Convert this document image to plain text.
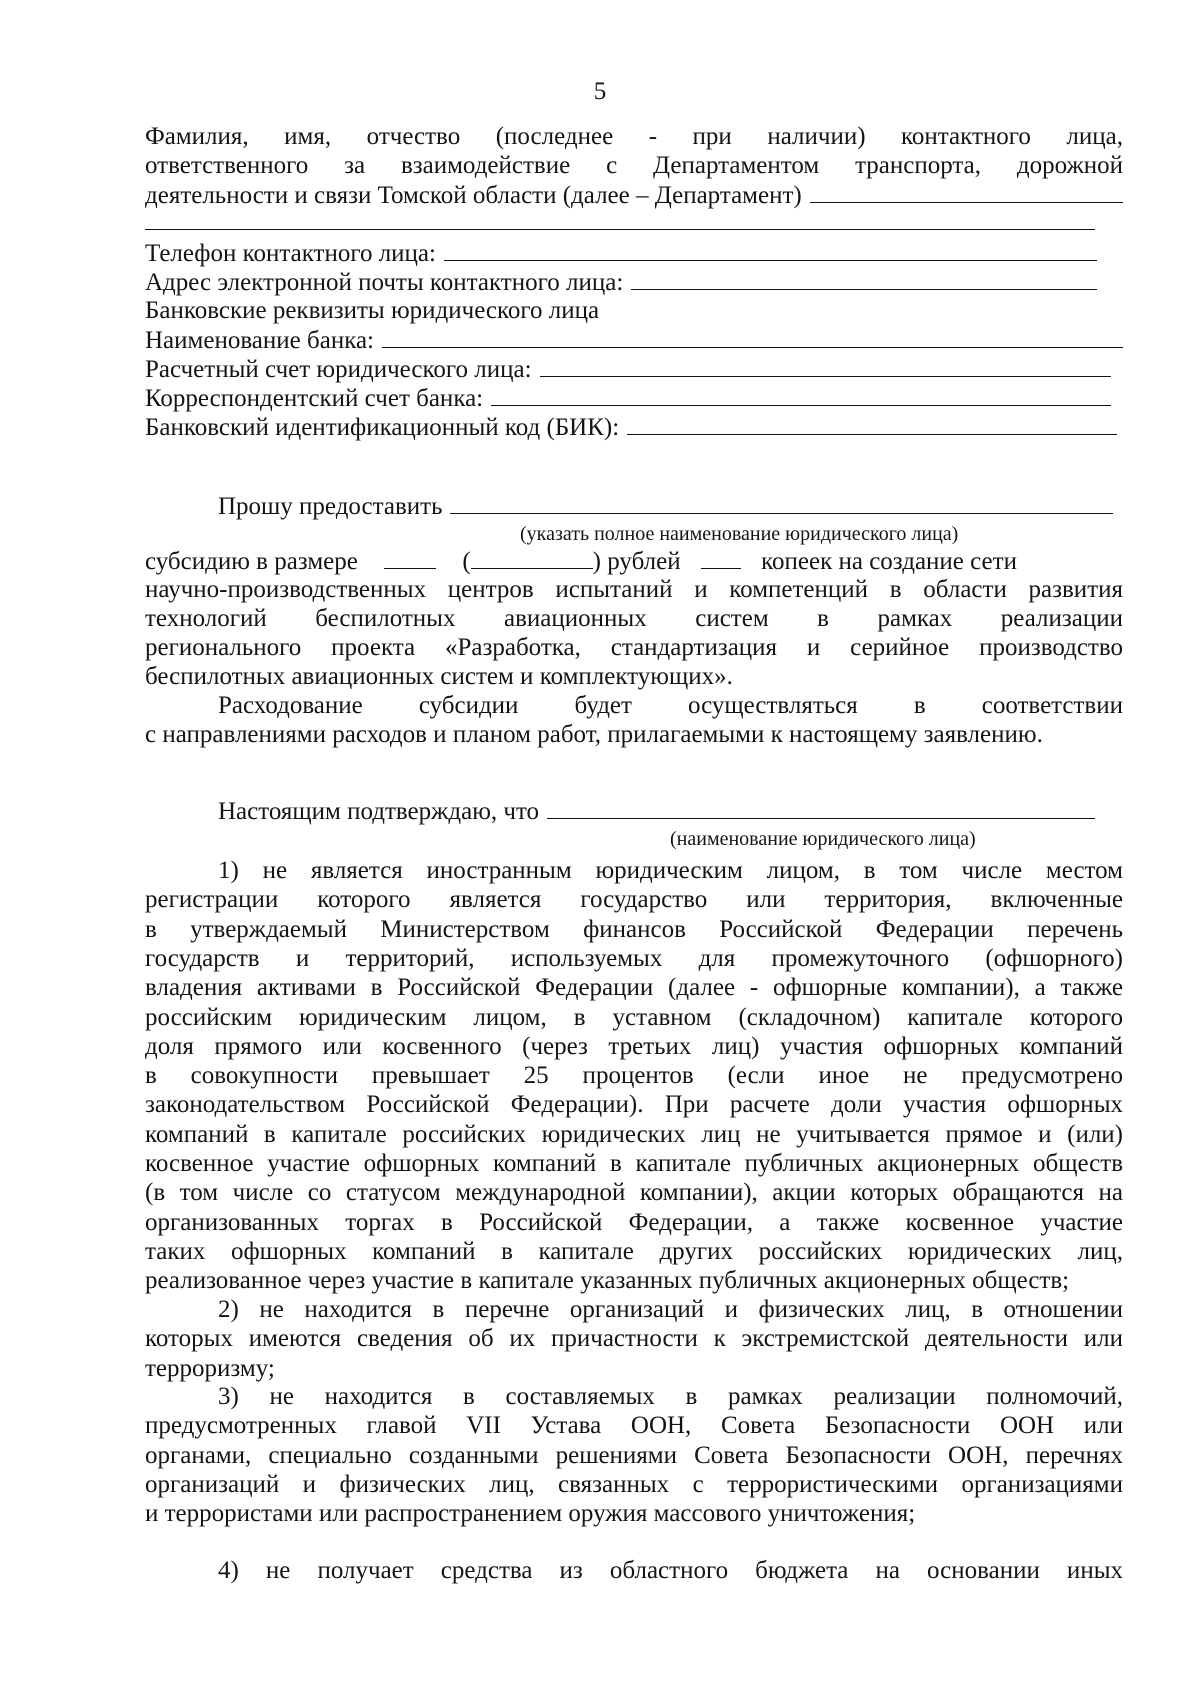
5
Фамилия, имя, отчество (последнее - при наличии) контактного лица,
ответственного за взаимодействие с Департаментом транспорта, дорожной
деятельности и связи Томской области (далее – Департамент)
Телефон контактного лица:
Адрес электронной почты контактного лица:
Банковские реквизиты юридического лица
Наименование банка:
Расчетный счет юридического лица:
Корреспондентский счет банка:
Банковский идентификационный код (БИК):
Прошу предоставить
(указать полное наименование юридического лица)
субсидию в размере	(	) рублей	копеек на создание сети
научно-производственных центров испытаний и компетенций в области развития
технологий беспилотных авиационных систем в рамках реализации
регионального проекта «Разработка, стандартизация и серийное производство
беспилотных авиационных систем и комплектующих».
Расходование субсидии будет осуществляться в соответствии
с направлениями расходов и планом работ, прилагаемыми к настоящему заявлению.
Настоящим подтверждаю, что
(наименование юридического лица)
1) не является иностранным юридическим лицом, в том числе местом
регистрации которого является государство или территория, включенные
в утверждаемый Министерством финансов Российской Федерации перечень
государств и территорий, используемых для промежуточного (офшорного)
владения активами в Российской Федерации (далее - офшорные компании), а также
российским юридическим лицом, в уставном (складочном) капитале которого
доля прямого или косвенного (через третьих лиц) участия офшорных компаний
в совокупности превышает 25 процентов (если иное не предусмотрено
законодательством Российской Федерации). При расчете доли участия офшорных
компаний в капитале российских юридических лиц не учитывается прямое и (или)
косвенное участие офшорных компаний в капитале публичных акционерных обществ
(в том числе со статусом международной компании), акции которых обращаются на
организованных торгах в Российской Федерации, а также косвенное участие
таких офшорных компаний в капитале других российских юридических лиц,
реализованное через участие в капитале указанных публичных акционерных обществ;
2) не находится в перечне организаций и физических лиц, в отношении
которых имеются сведения об их причастности к экстремистской деятельности или
терроризму;
3) не находится в составляемых в рамках реализации полномочий,
предусмотренных главой VII Устава ООН, Совета Безопасности ООН или
органами, специально созданными решениями Совета Безопасности ООН, перечнях
организаций и физических лиц, связанных с террористическими организациями
и террористами или распространением оружия массового уничтожения;
4) не получает средства из областного бюджета на основании иных
